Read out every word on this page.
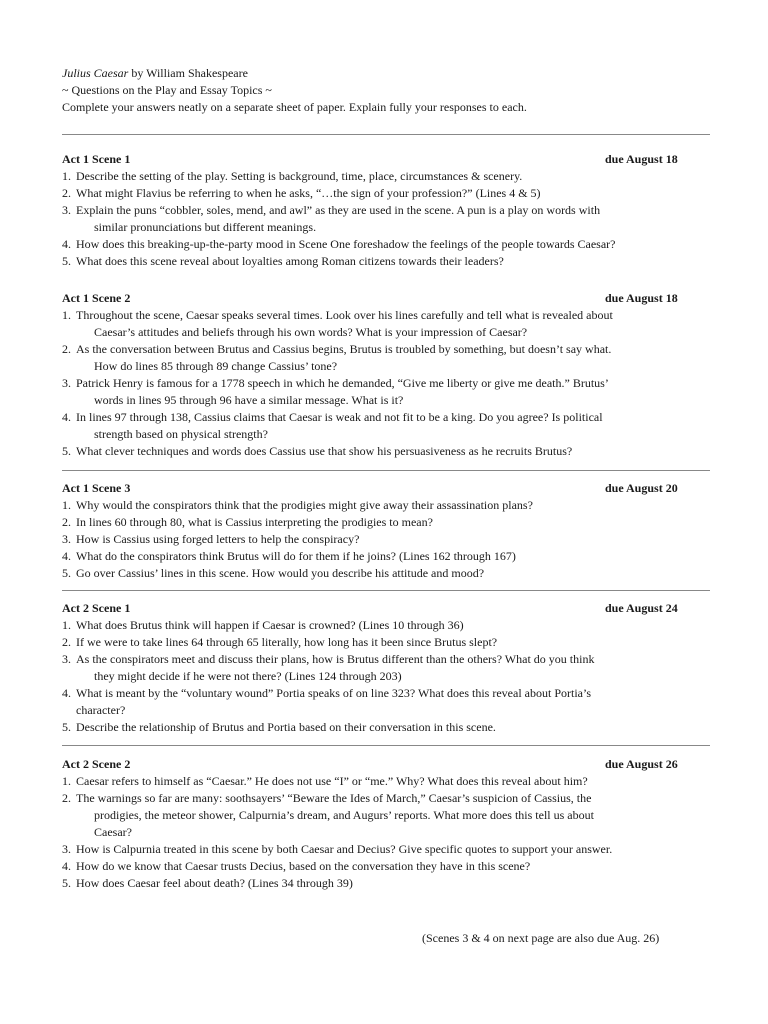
Julius Caesar by William Shakespeare

~ Questions on the Play and Essay Topics ~

Complete your answers neatly on a separate sheet of paper. Explain fully your responses to each.

Act 1 Scene 1	due August 18
1. Describe the setting of the play. Setting is background, time, place, circumstances & scenery.
2. What might Flavius be referring to when he asks, “…the sign of your profession?” (Lines 4 & 5)
3. Explain the puns “cobbler, soles, mend, and awl” as they are used in the scene. A pun is a play on words with
similar pronunciations but different meanings.
4. How does this breaking-up-the-party mood in Scene One foreshadow the feelings of the people towards Caesar?
5. What does this scene reveal about loyalties among Roman citizens towards their leaders?
Act 1 Scene 2	due August 18
1. Throughout the scene, Caesar speaks several times. Look over his lines carefully and tell what is revealed about
Caesar’s attitudes and beliefs through his own words? What is your impression of Caesar?
2. As the conversation between Brutus and Cassius begins, Brutus is troubled by something, but doesn’t say what.
How do lines 85 through 89 change Cassius’ tone?
3. Patrick Henry is famous for a 1778 speech in which he demanded, “Give me liberty or give me death.” Brutus’
words in lines 95 through 96 have a similar message. What is it?
4. In lines 97 through 138, Cassius claims that Caesar is weak and not fit to be a king. Do you agree? Is political
strength based on physical strength?
5. What clever techniques and words does Cassius use that show his persuasiveness as he recruits Brutus?
Act 1 Scene 3	due August 20
1. Why would the conspirators think that the prodigies might give away their assassination plans?
2. In lines 60 through 80, what is Cassius interpreting the prodigies to mean?
3. How is Cassius using forged letters to help the conspiracy?
4. What do the conspirators think Brutus will do for them if he joins? (Lines 162 through 167)
5. Go over Cassius’ lines in this scene. How would you describe his attitude and mood?
Act 2 Scene 1	due August 24
1. What does Brutus think will happen if Caesar is crowned? (Lines 10 through 36)
2. If we were to take lines 64 through 65 literally, how long has it been since Brutus slept?
3. As the conspirators meet and discuss their plans, how is Brutus different than the others? What do you think
they might decide if he were not there? (Lines 124 through 203)
4. What is meant by the “voluntary wound” Portia speaks of on line 323? What does this reveal about Portia’s
character?
5. Describe the relationship of Brutus and Portia based on their conversation in this scene.
Act 2 Scene 2	due August 26
1. Caesar refers to himself as “Caesar.” He does not use “I” or “me.” Why? What does this reveal about him?
2. The warnings so far are many: soothsayers’ “Beware the Ides of March,” Caesar’s suspicion of Cassius, the
prodigies, the meteor shower, Calpurnia’s dream, and Augurs’ reports. What more does this tell us about
Caesar?
3. How is Calpurnia treated in this scene by both Caesar and Decius? Give specific quotes to support your answer.
4. How do we know that Caesar trusts Decius, based on the conversation they have in this scene?
5. How does Caesar feel about death? (Lines 34 through 39)
(Scenes 3 & 4 on next page are also due Aug. 26)
